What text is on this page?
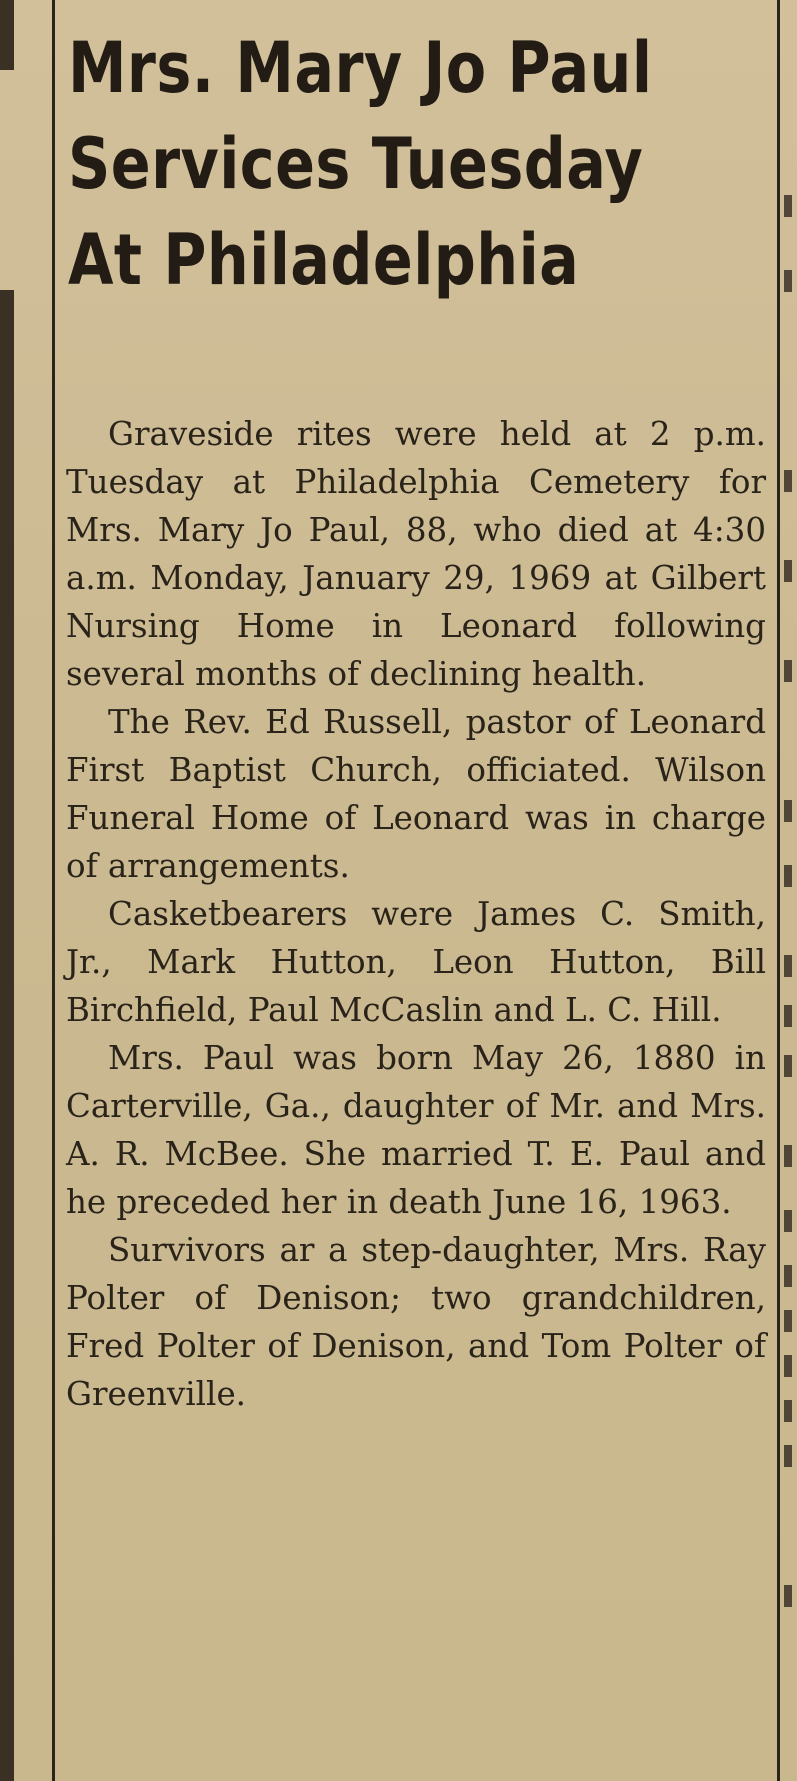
Mrs. Mary Jo Paul
Services Tuesday
At Philadelphia

Graveside rites were held at 2 p.m. Tuesday at Philadelphia Cemetery for Mrs. Mary Jo Paul, 88, who died at 4:30 a.m. Monday, January 29, 1969 at Gilbert Nursing Home in Leonard following several months of declining health.

The Rev. Ed Russell, pastor of Leonard First Baptist Church, officiated. Wilson Funeral Home of Leonard was in charge of arrangements.

Casketbearers were James C. Smith, Jr., Mark Hutton, Leon Hutton, Bill Birchfield, Paul McCaslin and L. C. Hill.

Mrs. Paul was born May 26, 1880 in Carterville, Ga., daughter of Mr. and Mrs. A. R. McBee. She married T. E. Paul and he preceded her in death June 16, 1963.

Survivors ar a step-daughter, Mrs. Ray Polter of Denison; two grandchildren, Fred Polter of Denison, and Tom Polter of Greenville.
